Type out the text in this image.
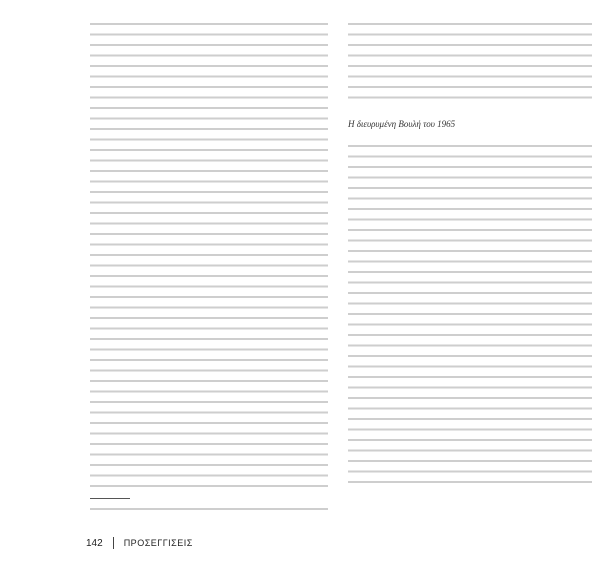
Η διευρυμένη Βουλή του 1965
142 ΠΡΟΣΕΓΓΙΣΕΙΣ
